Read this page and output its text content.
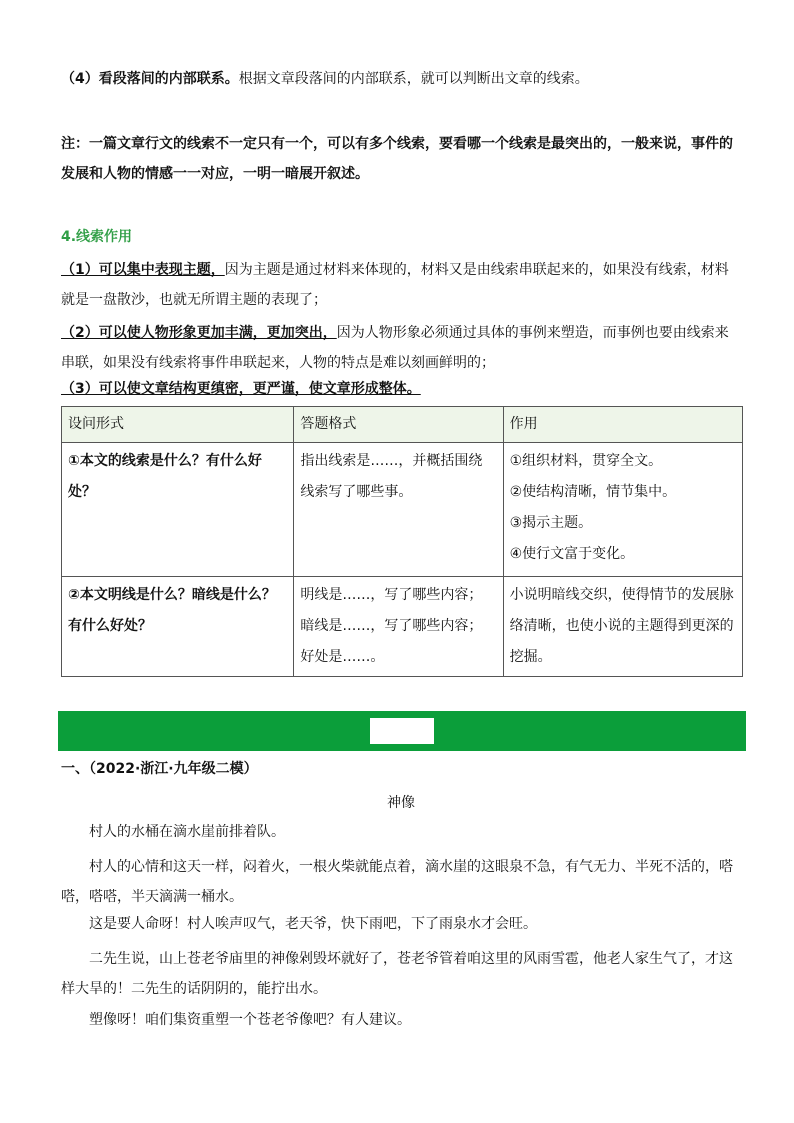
（4）看段落间的内部联系。根据文章段落间的内部联系，就可以判断出文章的线索。

注：一篇文章行文的线索不一定只有一个，可以有多个线索，要看哪一个线索是最突出的，一般来说，事件的发展和人物的情感一一对应，一明一暗展开叙述。

4.线索作用

（1）可以集中表现主题，因为主题是通过材料来体现的，材料又是由线索串联起来的，如果没有线索，材料就是一盘散沙，也就无所谓主题的表现了；

（2）可以使人物形象更加丰满，更加突出，因为人物形象必须通过具体的事例来塑造，而事例也要由线索来串联，如果没有线索将事件串联起来，人物的特点是难以刻画鲜明的；

（3）可以使文章结构更缜密，更严谨，使文章形成整体。

设问形式	答题格式	作用
①本文的线索是什么？有什么好处？	指出线索是……，并概括围绕线索写了哪些事。	①组织材料，贯穿全文。
②使结构清晰，情节集中。
③揭示主题。
④使行文富于变化。

②本文明线是什么？暗线是什么？有什么好处？	明线是……，写了哪些内容；暗线是……，写了哪些内容；好处是……。	小说明暗线交织，使得情节的发展脉络清晰，也使小说的主题得到更深的挖掘。

一、（2022·浙江·九年级二模）

神像

村人的水桶在滴水崖前排着队。

村人的心情和这天一样，闷着火，一根火柴就能点着，滴水崖的这眼泉不急，有气无力、半死不活的，嗒嗒，嗒嗒，半天滴满一桶水。

这是要人命呀！村人唉声叹气，老天爷，快下雨吧，下了雨泉水才会旺。

二先生说，山上苍老爷庙里的神像剁毁坏就好了，苍老爷管着咱这里的风雨雪雹，他老人家生气了，才这样大旱的！二先生的话阴阴的，能拧出水。

塑像呀！咱们集资重塑一个苍老爷像吧？有人建议。
